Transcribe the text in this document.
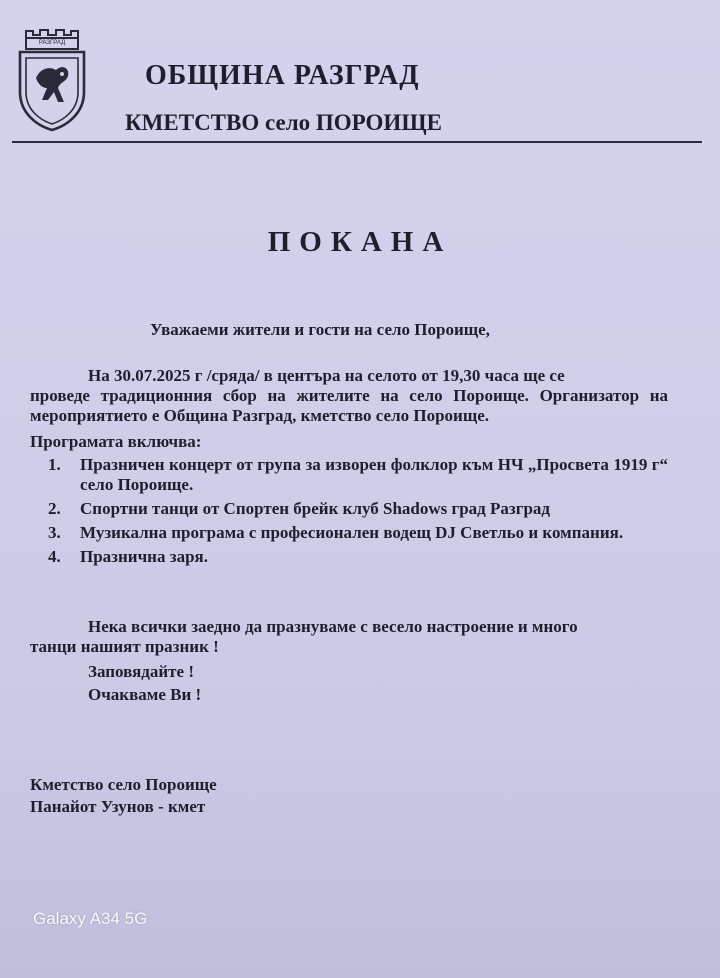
РАЗГРАД
ОБЩИНА РАЗГРАД
КМЕТСТВО село ПОРОИЩЕ
ПОКАНА
Уважаеми жители и гости на село Пороище,
На 30.07.2025 г /сряда/ в центъра на селото от 19,30 часа ще се
проведе традиционния сбор на жителите на село Пороище. Организатор на мероприятието е Община Разград, кметство село Пороище.
Програмата включва:
1. Празничен концерт от група за изворен фолклор към НЧ „Просвета 1919 г“ село Пороище.
2. Спортни танци от Спортен брейк клуб Shadows град Разград
3. Музикална програма с професионален водещ DJ Светльо и компания.
4. Празнична заря.
Нека всички заедно да празнуваме с весело настроение и много
танци нашият празник !
Заповядайте !
Очакваме Ви !
Кметство село Пороище
Панайот Узунов - кмет
Galaxy A34 5G
